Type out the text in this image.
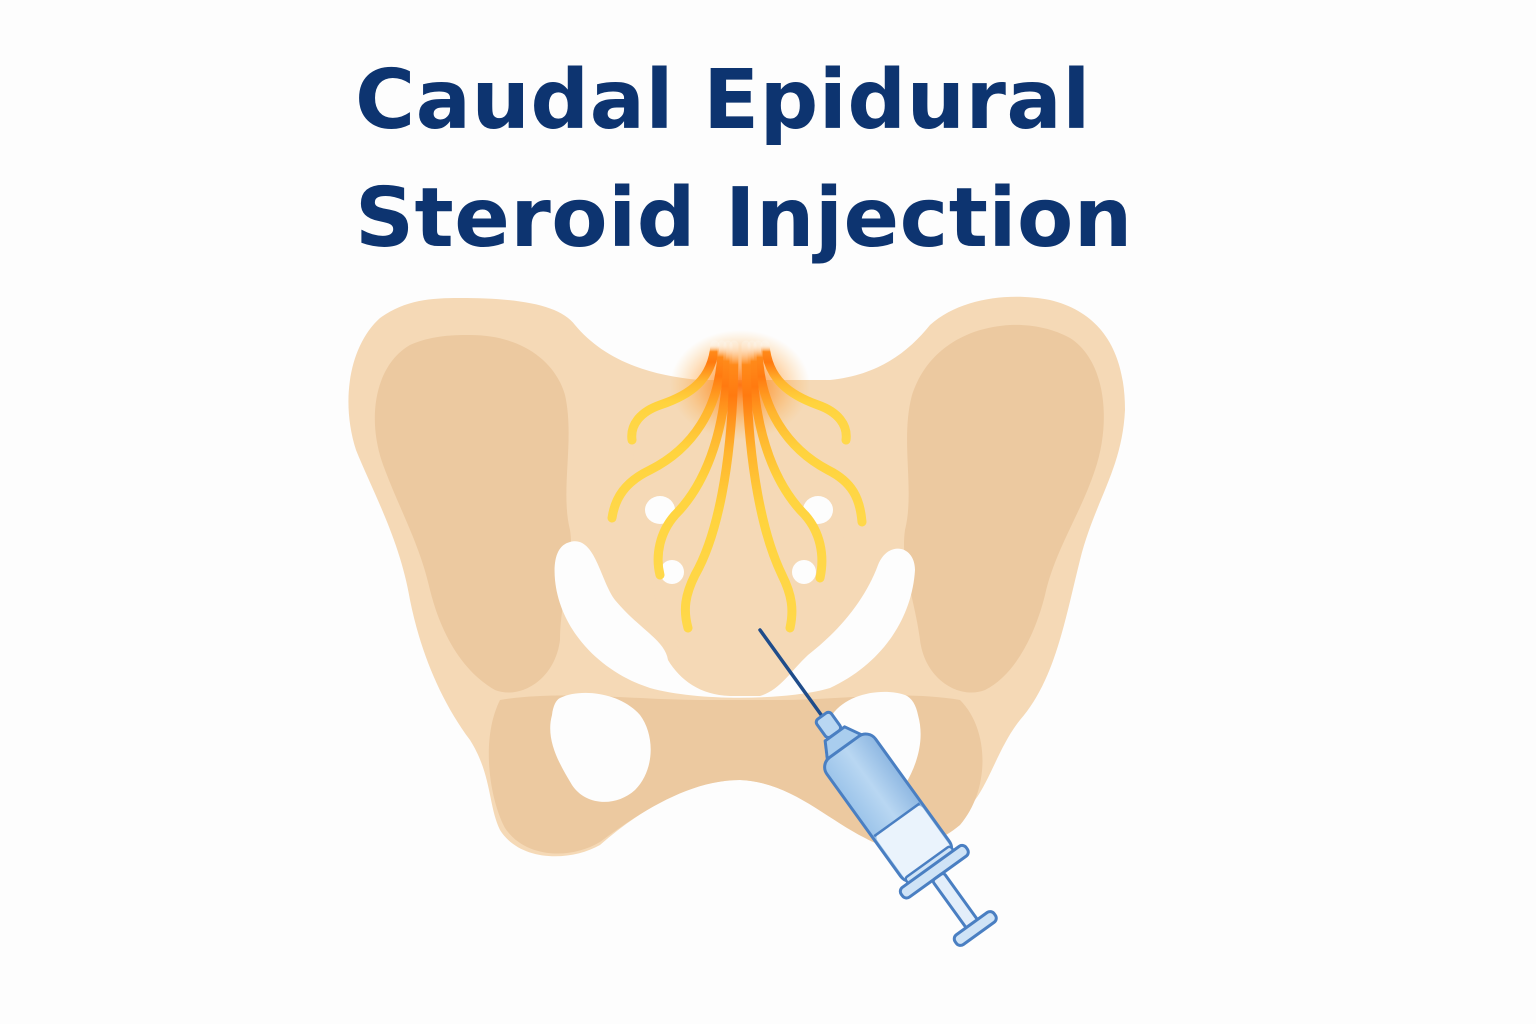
Caudal Epidural
Steroid Injection
